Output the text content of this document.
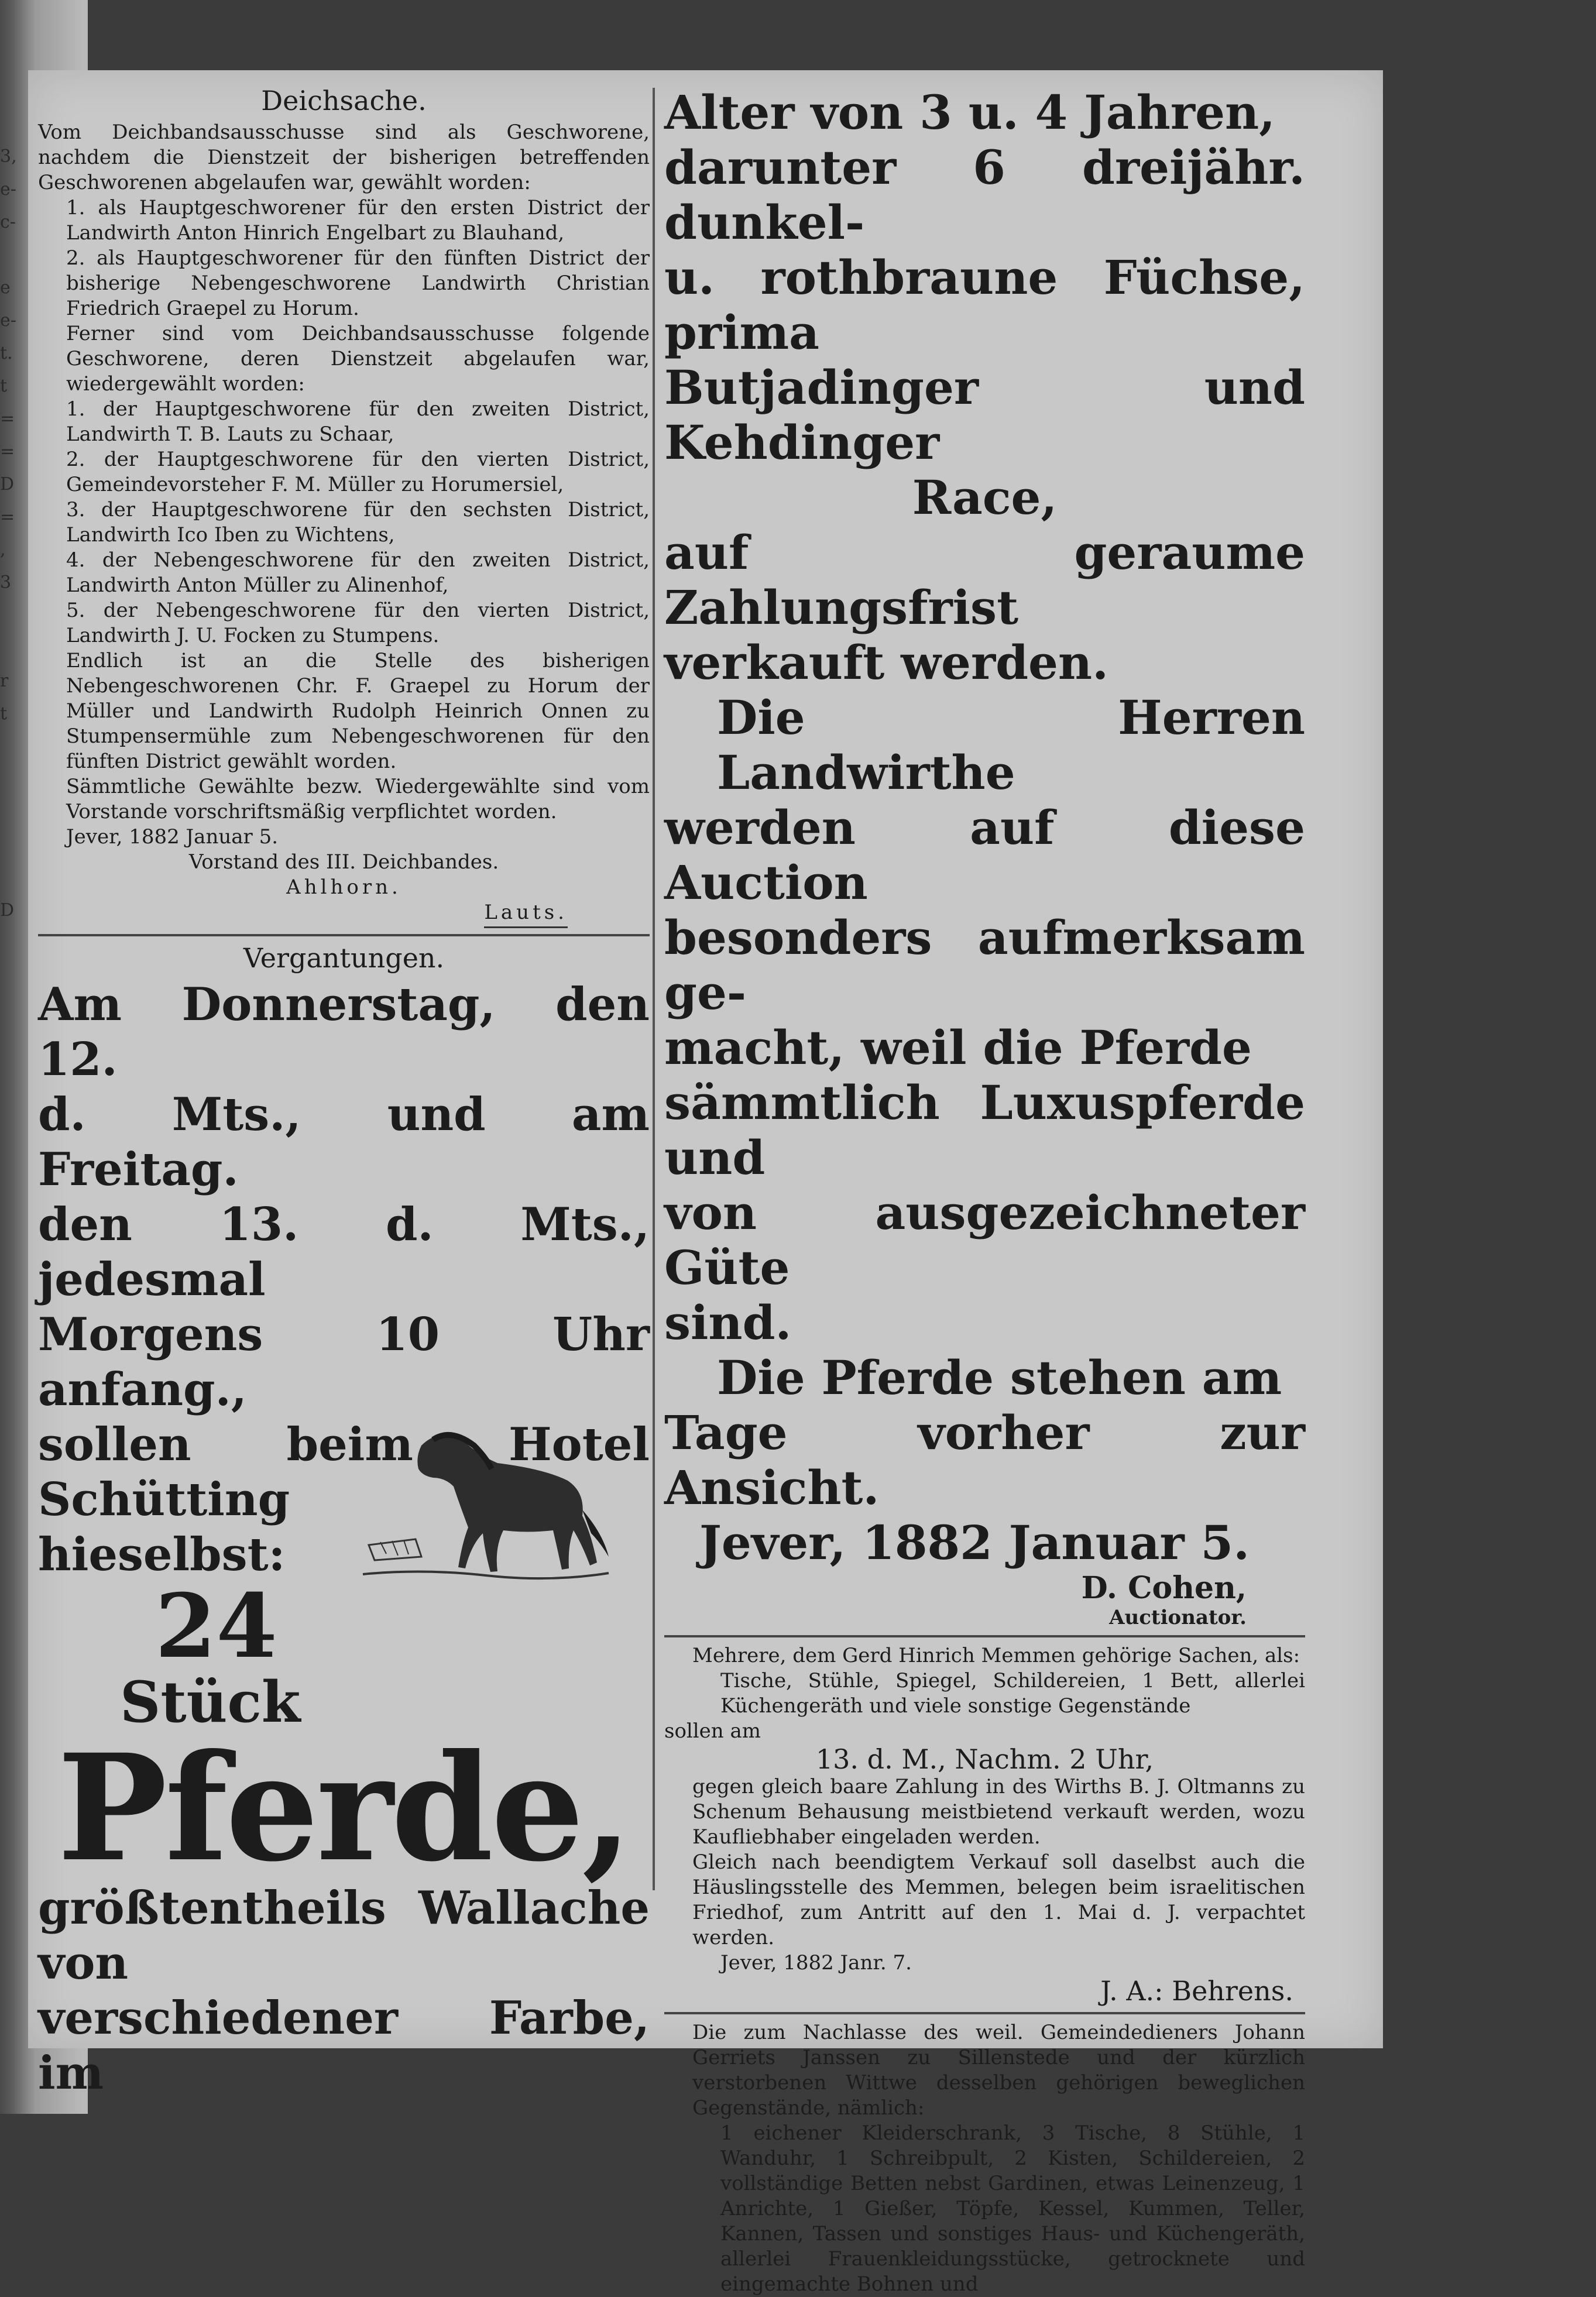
3,
e-
c-
e
e-
t.
t
=
=
D
=
,
3
r
t
D
Deichsache.

Vom Deichbandsausschusse sind als Geschworene, nachdem die Dienstzeit der bisherigen betreffenden Geschworenen abgelaufen war, gewählt worden:

1. als Hauptgeschworener für den ersten District der Landwirth Anton Hinrich Engelbart zu Blauhand,

2. als Hauptgeschworener für den fünften District der bisherige Nebengeschworene Landwirth Christian Friedrich Graepel zu Horum.

Ferner sind vom Deichbandsausschusse folgende Geschworene, deren Dienstzeit abgelaufen war, wiedergewählt worden:

1. der Hauptgeschworene für den zweiten District, Landwirth T. B. Lauts zu Schaar,

2. der Hauptgeschworene für den vierten District, Gemeindevorsteher F. M. Müller zu Horumersiel,

3. der Hauptgeschworene für den sechsten District, Landwirth Ico Iben zu Wichtens,

4. der Nebengeschworene für den zweiten District, Landwirth Anton Müller zu Alinenhof,

5. der Nebengeschworene für den vierten District, Landwirth J. U. Focken zu Stumpens.

Endlich ist an die Stelle des bisherigen Nebengeschworenen Chr. F. Graepel zu Horum der Müller und Landwirth Rudolph Heinrich Onnen zu Stumpensermühle zum Nebengeschworenen für den fünften District gewählt worden.

Sämmtliche Gewählte bezw. Wiedergewählte sind vom Vorstande vorschriftsmäßig verpflichtet worden.

Jever, 1882 Januar 5.

Vorstand des III. Deichbandes.

Ahlhorn.

Lauts.

Vergantungen.

Am Donnerstag, den 12.

d. Mts., und am Freitag.

den 13. d. Mts., jedesmal

Morgens 10 Uhr anfang.,

sollen beim Hotel Schütting

hieselbst:

24
Stück
Pferde,

größtentheils Wallache von

verschiedener Farbe, im

Alter von 3 u. 4 Jahren,

darunter 6 dreijähr. dunkel-

u. rothbraune Füchse, prima

Butjadinger und Kehdinger

Race,

auf geraume Zahlungsfrist

verkauft werden.

Die Herren Landwirthe

werden auf diese Auction

besonders aufmerksam ge-

macht, weil die Pferde

sämmtlich Luxuspferde und

von ausgezeichneter Güte

sind.

Die Pferde stehen am

Tage vorher zur Ansicht.

Jever, 1882 Januar 5.

D. Cohen,
Auctionator.

Mehrere, dem Gerd Hinrich Memmen gehörige Sachen, als:

Tische, Stühle, Spiegel, Schildereien, 1 Bett, allerlei Küchengeräth und viele sonstige Gegenstände

sollen am

13. d. M., Nachm. 2 Uhr,

gegen gleich baare Zahlung in des Wirths B. J. Oltmanns zu Schenum Behausung meistbietend verkauft werden, wozu Kaufliebhaber eingeladen werden.

Gleich nach beendigtem Verkauf soll daselbst auch die Häuslingsstelle des Memmen, belegen beim israelitischen Friedhof, zum Antritt auf den 1. Mai d. J. verpachtet werden.

Jever, 1882 Janr. 7.

J. A.: Behrens.

Die zum Nachlasse des weil. Gemeindedieners Johann Gerriets Janssen zu Sillenstede und der kürzlich verstorbenen Wittwe desselben gehörigen beweglichen Gegenstände, nämlich:

1 eichener Kleiderschrank, 3 Tische, 8 Stühle, 1 Wanduhr, 1 Schreibpult, 2 Kisten, Schildereien, 2 vollständige Betten nebst Gardinen, etwas Leinenzeug, 1 Anrichte, 1 Gießer, Töpfe, Kessel, Kummen, Teller, Kannen, Tassen und sonstiges Haus- und Küchengeräth, allerlei Frauenkleidungsstücke, getrocknete und eingemachte Bohnen und
